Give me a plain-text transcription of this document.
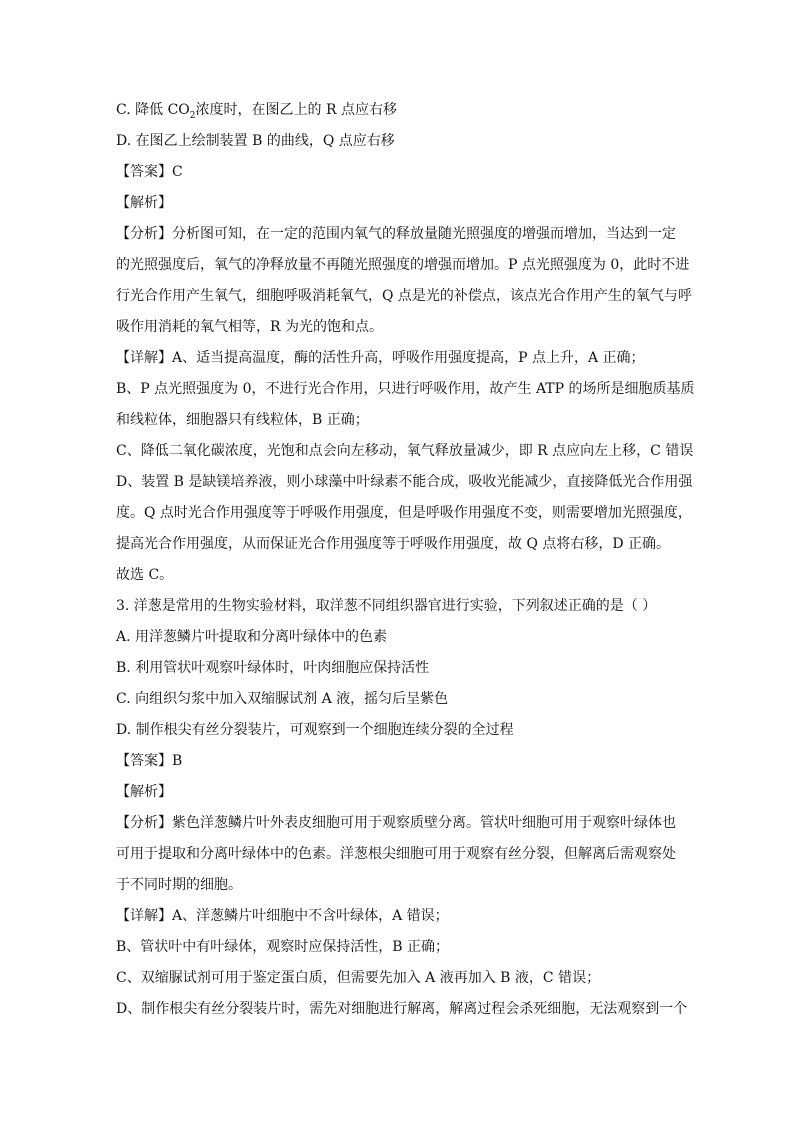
C. 降低 $CO_2$浓度时，在图乙上的 R 点应右移
D. 在图乙上绘制装置 B 的曲线，Q 点应右移
【答案】C
【解析】
【分析】分析图可知，在一定的范围内氧气的释放量随光照强度的增强而增加，当达到一定
的光照强度后，氧气的净释放量不再随光照强度的增强而增加。P 点光照强度为 0，此时不进
行光合作用产生氧气，细胞呼吸消耗氧气，Q 点是光的补偿点，该点光合作用产生的氧气与呼
吸作用消耗的氧气相等，R 为光的饱和点。
【详解】A、适当提高温度，酶的活性升高，呼吸作用强度提高，P 点上升，A 正确；
B、P 点光照强度为 0，不进行光合作用，只进行呼吸作用，故产生 ATP 的场所是细胞质基质
和线粒体，细胞器只有线粒体，B 正确；
C、降低二氧化碳浓度，光饱和点会向左移动，氧气释放量减少，即 R 点应向左上移，C 错误
D、装置 B 是缺镁培养液，则小球藻中叶绿素不能合成，吸收光能减少，直接降低光合作用强
度。Q 点时光合作用强度等于呼吸作用强度，但是呼吸作用强度不变，则需要增加光照强度，
提高光合作用强度，从而保证光合作用强度等于呼吸作用强度，故 Q 点将右移，D 正确。
故选 C。
3. 洋葱是常用的生物实验材料，取洋葱不同组织器官进行实验，下列叙述正确的是（ ）
A. 用洋葱鳞片叶提取和分离叶绿体中的色素
B. 利用管状叶观察叶绿体时，叶肉细胞应保持活性
C. 向组织匀浆中加入双缩脲试剂 A 液，摇匀后呈紫色
D. 制作根尖有丝分裂装片，可观察到一个细胞连续分裂的全过程
【答案】B
【解析】
【分析】紫色洋葱鳞片叶外表皮细胞可用于观察质壁分离。管状叶细胞可用于观察叶绿体也
可用于提取和分离叶绿体中的色素。洋葱根尖细胞可用于观察有丝分裂，但解离后需观察处
于不同时期的细胞。
【详解】A、洋葱鳞片叶细胞中不含叶绿体，A 错误；
B、管状叶中有叶绿体，观察时应保持活性，B 正确；
C、双缩脲试剂可用于鉴定蛋白质，但需要先加入 A 液再加入 B 液，C 错误；
D、制作根尖有丝分裂装片时，需先对细胞进行解离，解离过程会杀死细胞，无法观察到一个
